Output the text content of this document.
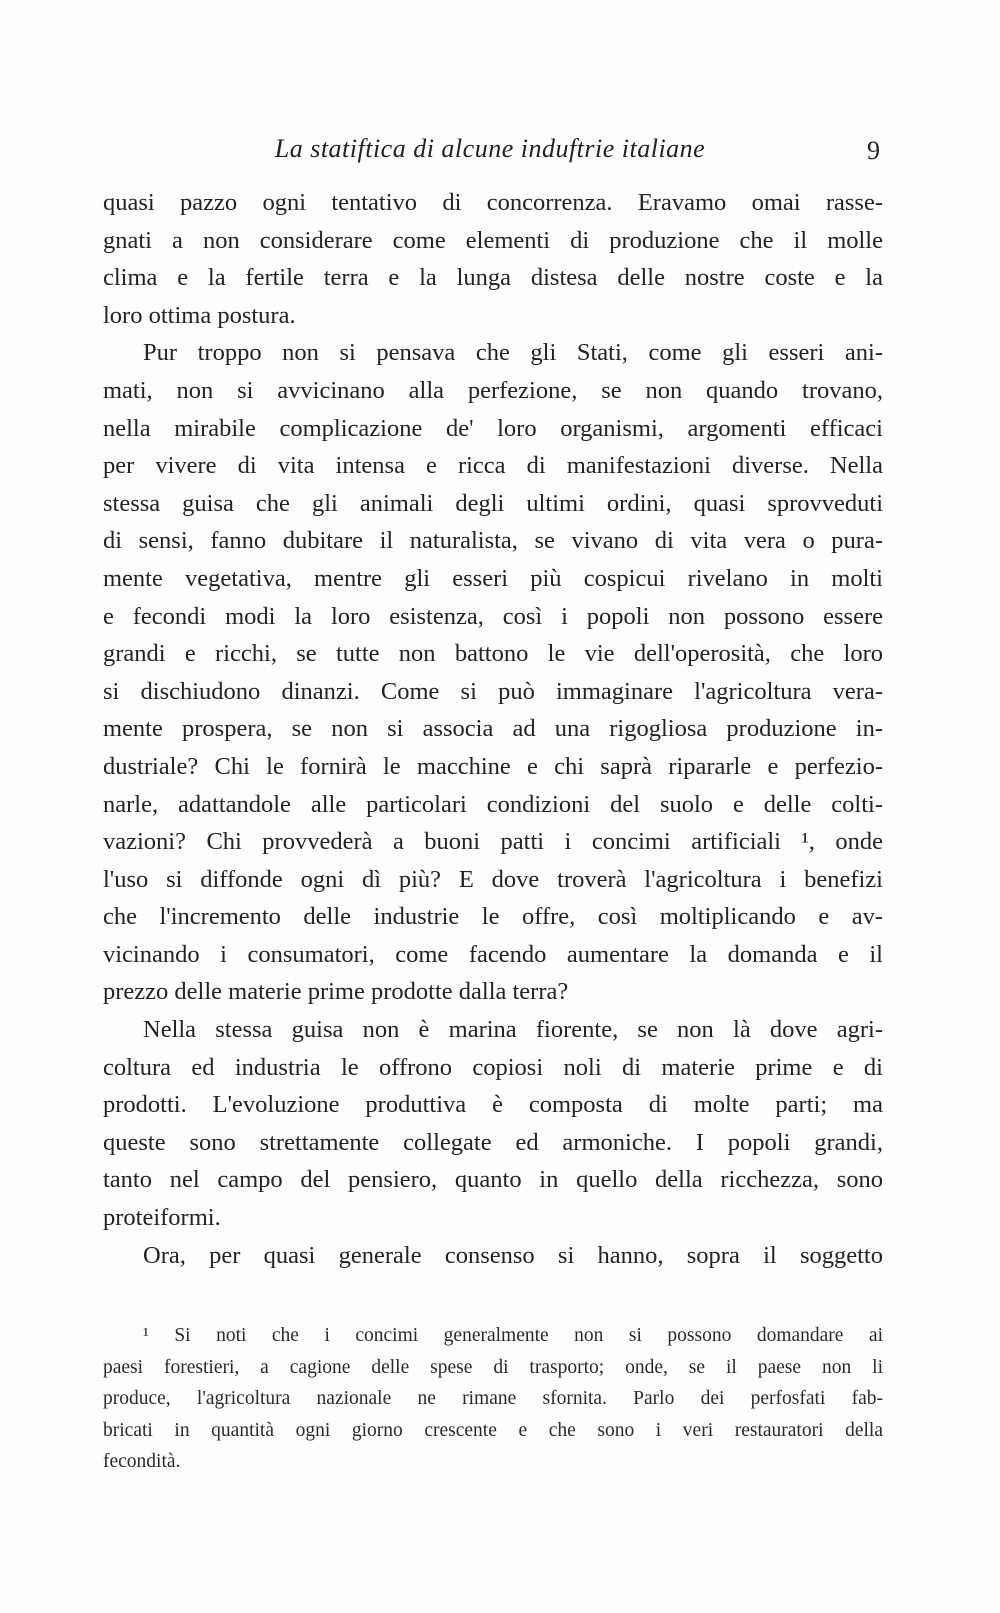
La statiftica di alcune induftrie italiane	9
quasi pazzo ogni tentativo di concorrenza. Eravamo omai rasse-
gnati a non considerare come elementi di produzione che il molle
clima e la fertile terra e la lunga distesa delle nostre coste e la
loro ottima postura.
Pur troppo non si pensava che gli Stati, come gli esseri ani-
mati, non si avvicinano alla perfezione, se non quando trovano,
nella mirabile complicazione de' loro organismi, argomenti efficaci
per vivere di vita intensa e ricca di manifestazioni diverse. Nella
stessa guisa che gli animali degli ultimi ordini, quasi sprovveduti
di sensi, fanno dubitare il naturalista, se vivano di vita vera o pura-
mente vegetativa, mentre gli esseri più cospicui rivelano in molti
e fecondi modi la loro esistenza, così i popoli non possono essere
grandi e ricchi, se tutte non battono le vie dell'operosità, che loro
si dischiudono dinanzi. Come si può immaginare l'agricoltura vera-
mente prospera, se non si associa ad una rigogliosa produzione in-
dustriale? Chi le fornirà le macchine e chi saprà ripararle e perfezio-
narle, adattandole alle particolari condizioni del suolo e delle colti-
vazioni? Chi provvederà a buoni patti i concimi artificiali ¹, onde
l'uso si diffonde ogni dì più? E dove troverà l'agricoltura i benefizi
che l'incremento delle industrie le offre, così moltiplicando e av-
vicinando i consumatori, come facendo aumentare la domanda e il
prezzo delle materie prime prodotte dalla terra?
Nella stessa guisa non è marina fiorente, se non là dove agri-
coltura ed industria le offrono copiosi noli di materie prime e di
prodotti. L'evoluzione produttiva è composta di molte parti; ma
queste sono strettamente collegate ed armoniche. I popoli grandi,
tanto nel campo del pensiero, quanto in quello della ricchezza, sono
proteiformi.
Ora, per quasi generale consenso si hanno, sopra il soggetto
¹ Si noti che i concimi generalmente non si possono domandare ai
paesi forestieri, a cagione delle spese di trasporto; onde, se il paese non li
produce, l'agricoltura nazionale ne rimane sfornita. Parlo dei perfosfati fab-
bricati in quantità ogni giorno crescente e che sono i veri restauratori della
fecondità.
